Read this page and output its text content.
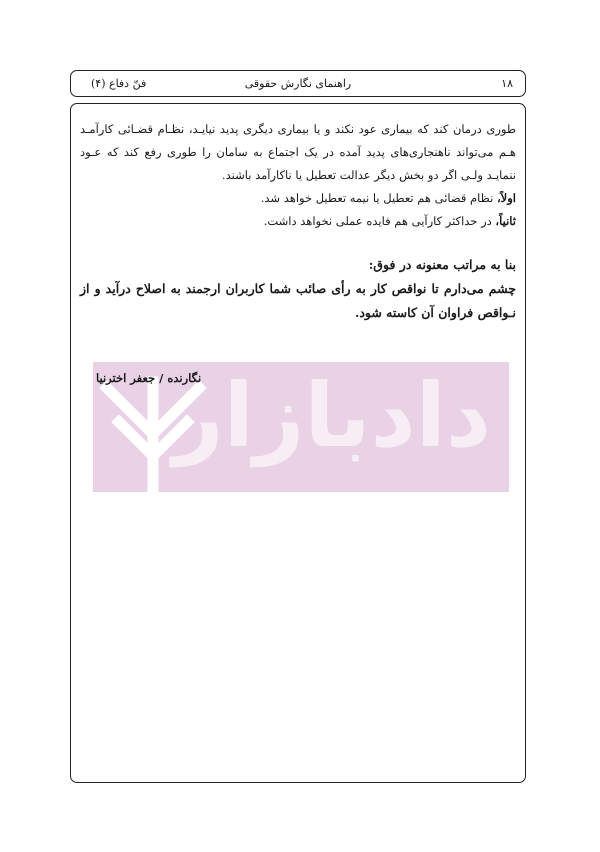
۱۸
راهنمای نگارش حقوقی
فنّ دفاع (۴)
دادبازار

طوری درمان کند که بیماری عود نکند و یا بیماری دیگری پدید نیایـد، نظـام قضـائی کارآمـد هـم می‌تواند ناهنجاری‌های پدید آمده در یک اجتماع به سامان را طوری رفع کند که عـود ننمایـد ولـی اگر دو بخش دیگر عدالت تعطیل یا ناکارآمد باشند.

اولاً، نظام قضائی هم تعطیل یا نیمه تعطیل خواهد شد.

ثانیاً، در حداکثر کارآیی هم فایده عملی نخواهد داشت.

بنا به مراتب معنونه در فوق:

چشم می‌دارم تا نواقص کار به رأی صائب شما کاربران ارجمند به اصلاح درآید و از نـواقص فراوان آن کاسته شود.

نگارنده / جعفر اخترنیا
